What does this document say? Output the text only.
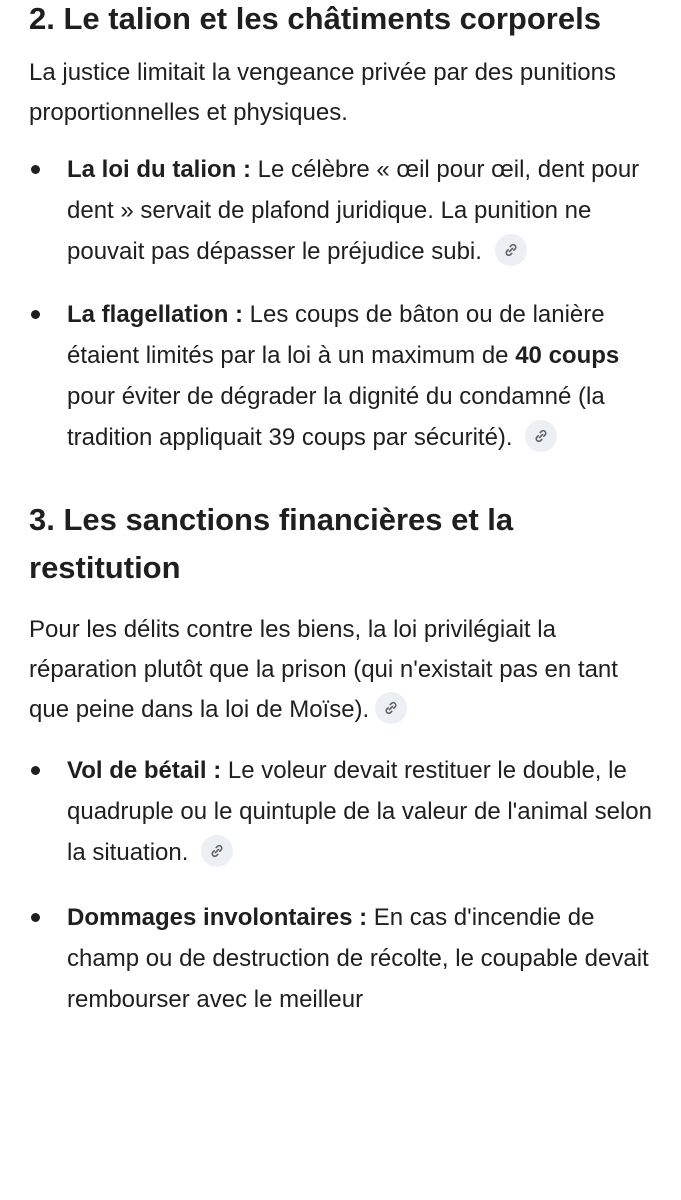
2. Le talion et les châtiments corporels

La justice limitait la vengeance privée par des punitions proportionnelles et physiques.

La loi du talion : Le célèbre « œil pour œil, dent pour dent » servait de plafond juridique. La punition ne pouvait pas dépasser le préjudice subi.
La flagellation : Les coups de bâton ou de lanière étaient limités par la loi à un maximum de 40 coups pour éviter de dégrader la dignité du condamné (la tradition appliquait 39 coups par sécurité).
3. Les sanctions financières et la restitution

Pour les délits contre les biens, la loi privilégiait la réparation plutôt que la prison (qui n'existait pas en tant que peine dans la loi de Moïse).

Vol de bétail : Le voleur devait restituer le double, le quadruple ou le quintuple de la valeur de l'animal selon la situation.
Dommages involontaires : En cas d'incendie de champ ou de destruction de récolte, le coupable devait rembourser avec le meilleur
